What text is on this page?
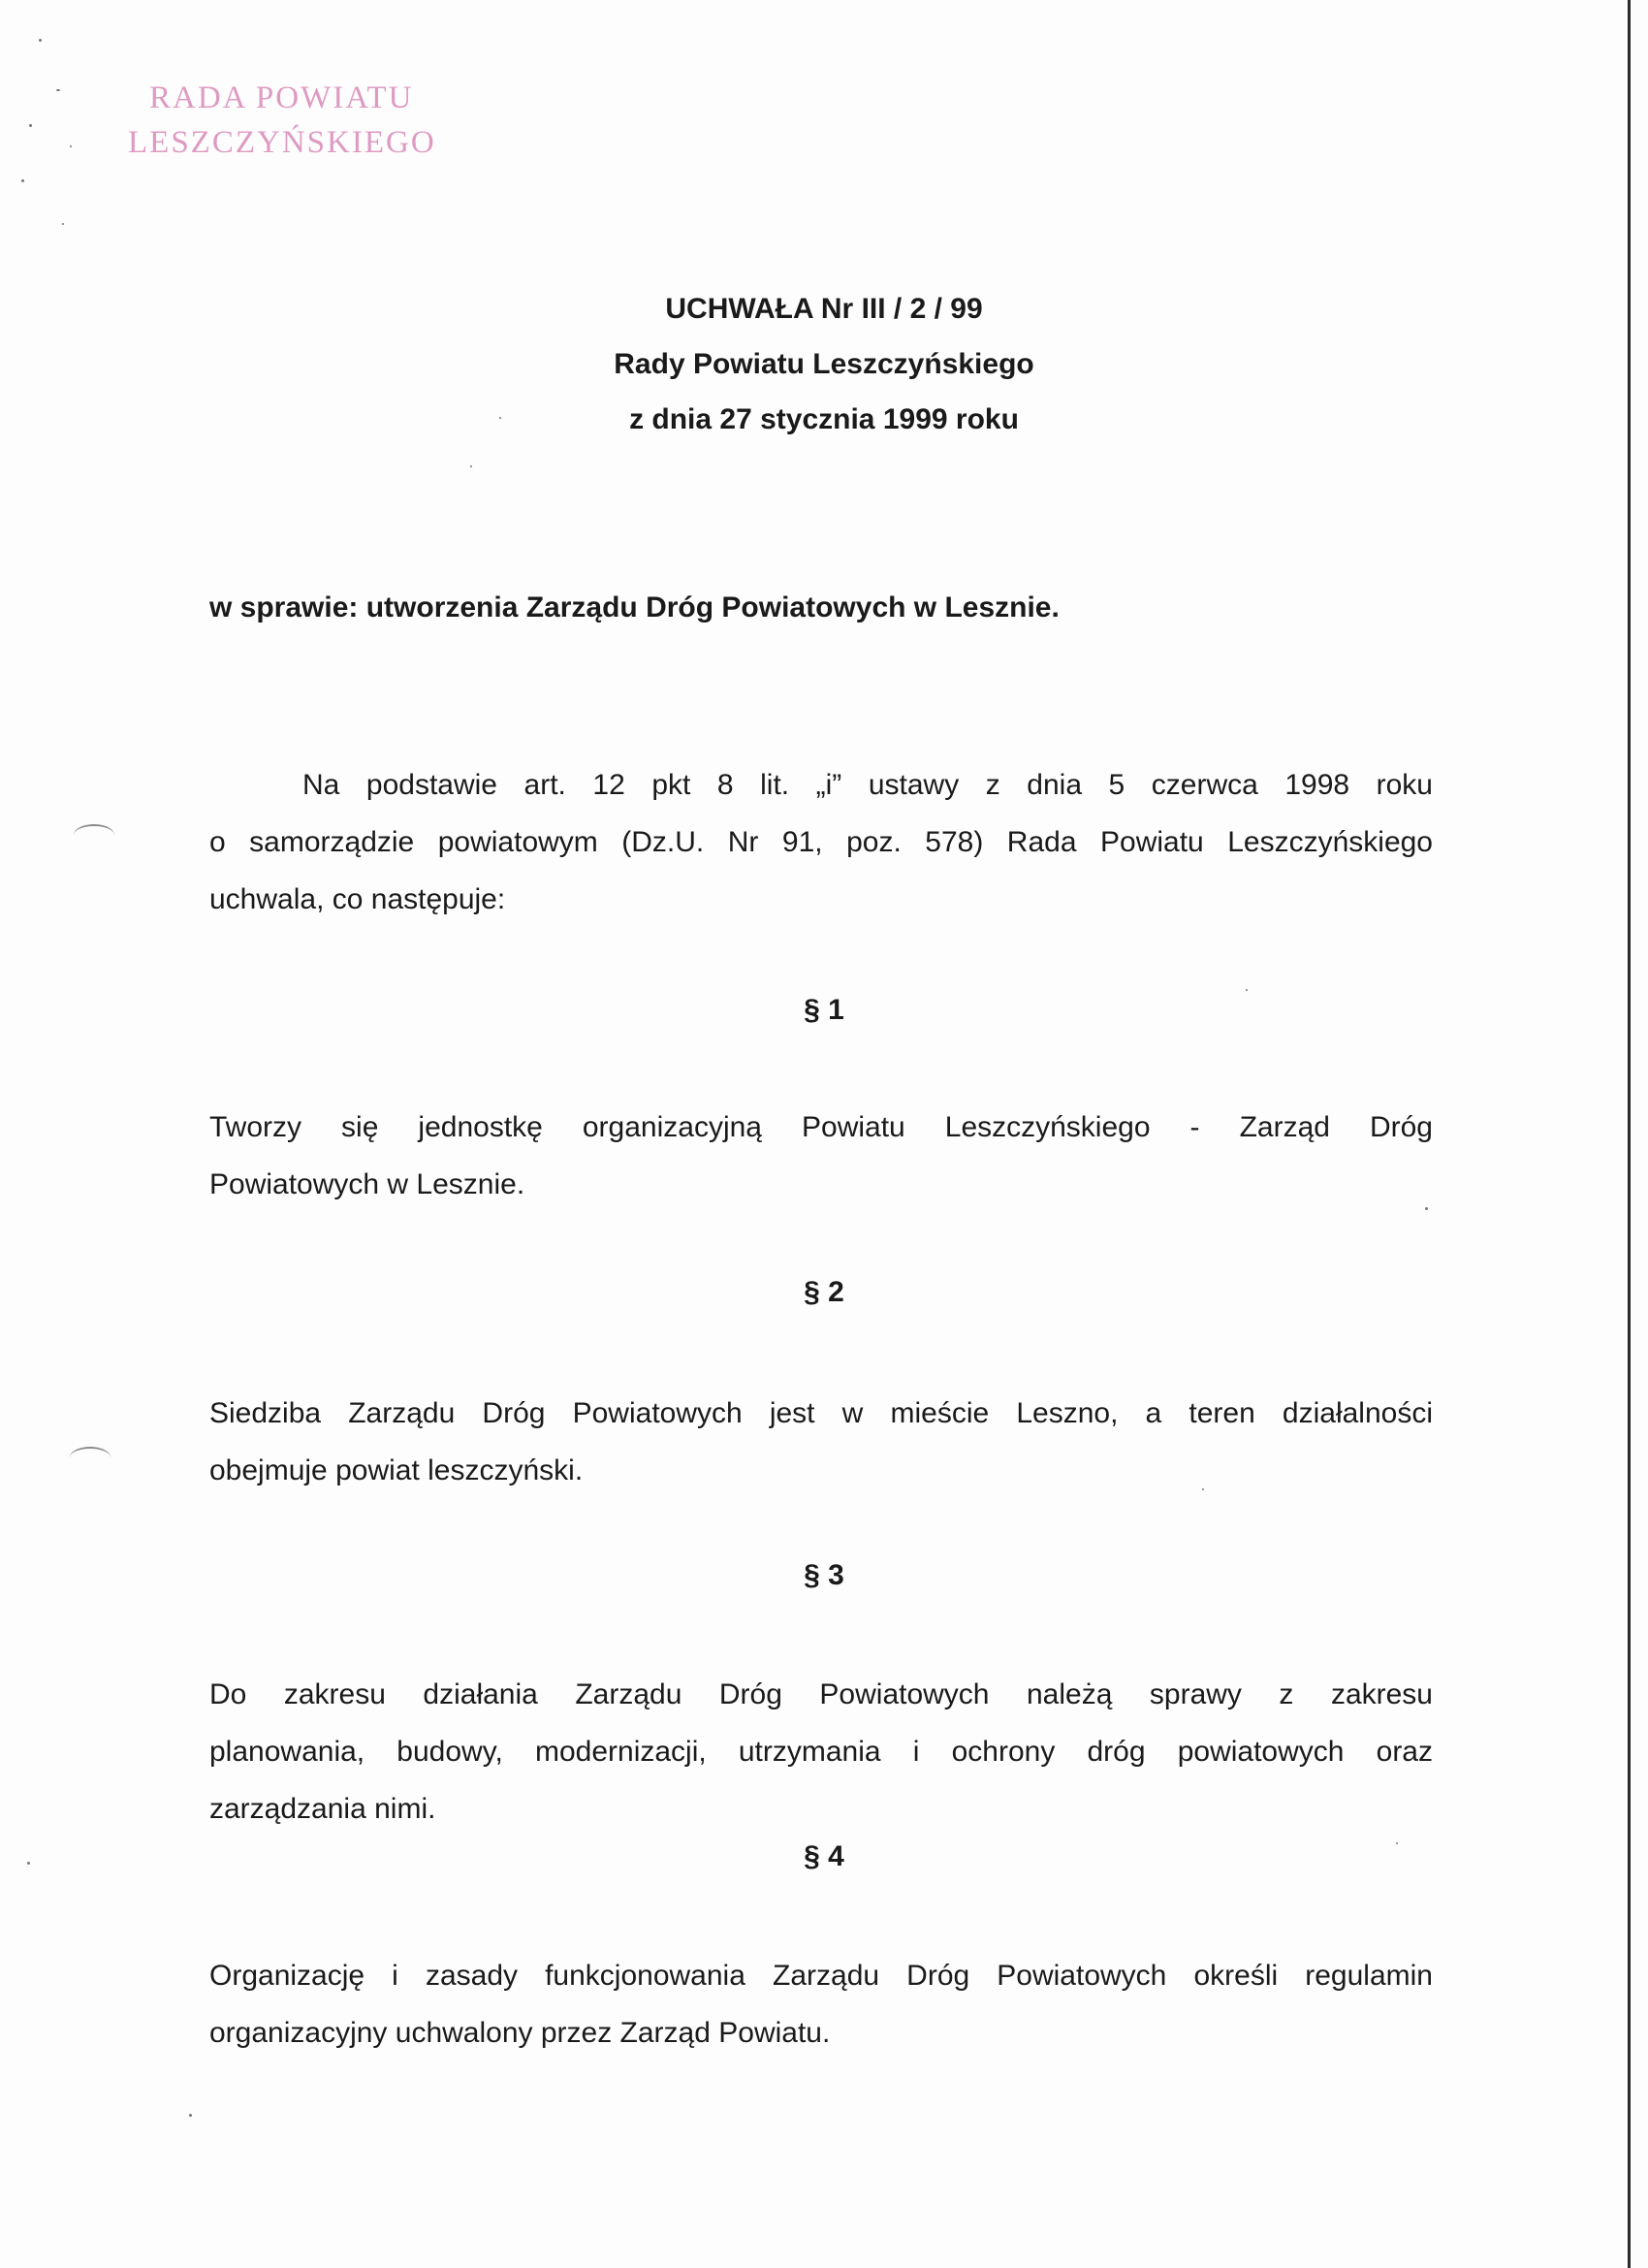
RADA POWIATU
LESZCZYŃSKIEGO
UCHWAŁA Nr III / 2 / 99
Rady Powiatu Leszczyńskiego
z dnia 27 stycznia 1999 roku
w sprawie: utworzenia Zarządu Dróg Powiatowych w Lesznie.
Na podstawie art. 12 pkt 8 lit. „i” ustawy z dnia 5 czerwca 1998 roku
o samorządzie powiatowym (Dz.U. Nr 91, poz. 578) Rada Powiatu Leszczyńskiego
uchwala, co następuje:
§ 1
Tworzy się jednostkę organizacyjną Powiatu Leszczyńskiego - Zarząd Dróg
Powiatowych w Lesznie.
§ 2
Siedziba Zarządu Dróg Powiatowych jest w mieście Leszno, a teren działalności
obejmuje powiat leszczyński.
§ 3
Do zakresu działania Zarządu Dróg Powiatowych należą sprawy z zakresu
planowania, budowy, modernizacji, utrzymania i ochrony dróg powiatowych oraz
zarządzania nimi.
§ 4
Organizację i zasady funkcjonowania Zarządu Dróg Powiatowych określi regulamin
organizacyjny uchwalony przez Zarząd Powiatu.
